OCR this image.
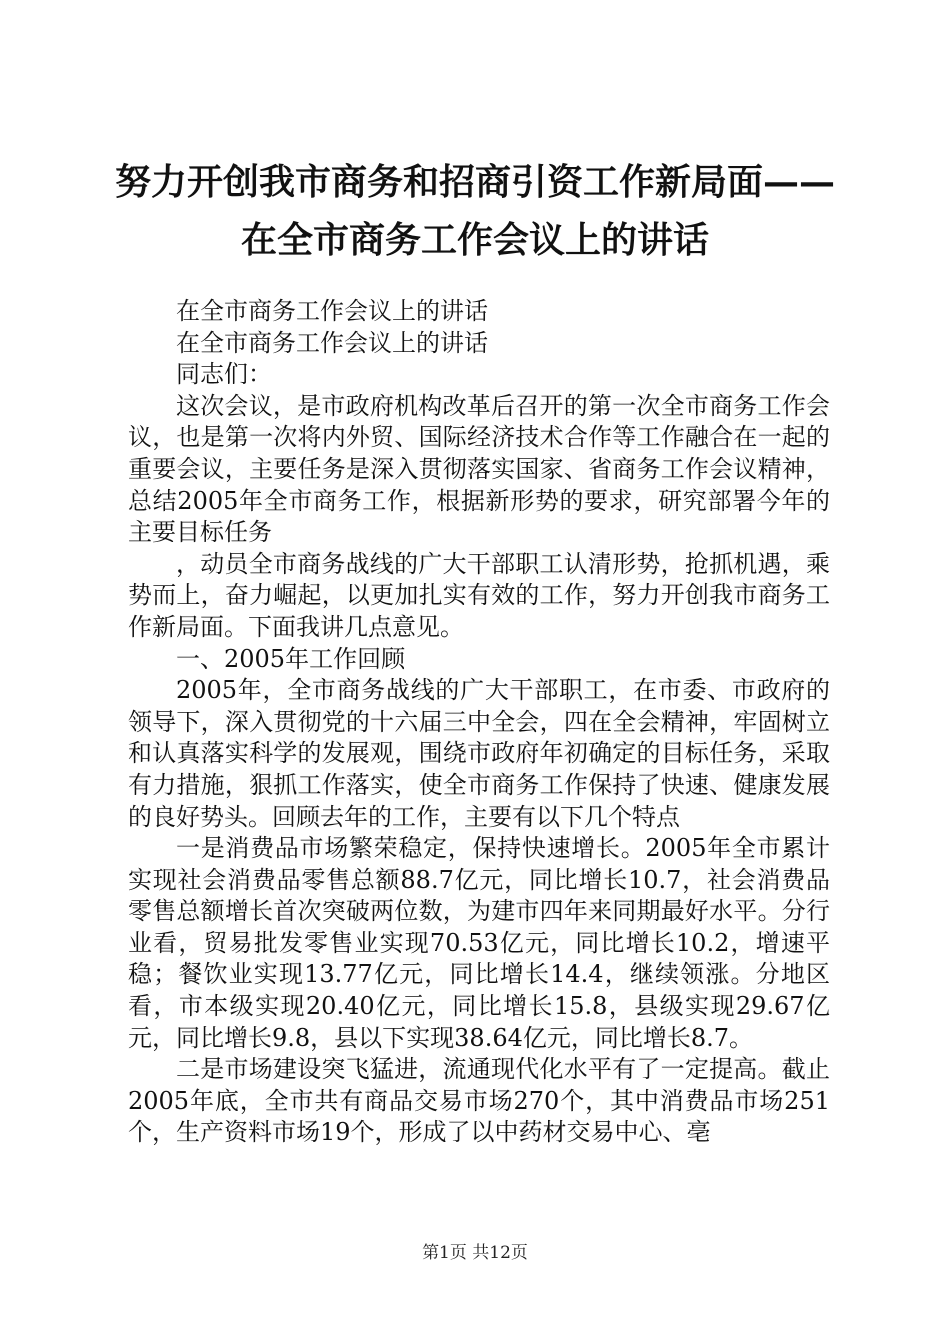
努力开创我市商务和招商引资工作新局面——
在全市商务工作会议上的讲话

在全市商务工作会议上的讲话

在全市商务工作会议上的讲话

同志们：

这次会议，是市政府机构改革后召开的第一次全市商务工作会议，也是第一次将内外贸、国际经济技术合作等工作融合在一起的重要会议，主要任务是深入贯彻落实国家、省商务工作会议精神，总结2005年全市商务工作，根据新形势的要求，研究部署今年的主要目标任务

，动员全市商务战线的广大干部职工认清形势，抢抓机遇，乘势而上，奋力崛起，以更加扎实有效的工作，努力开创我市商务工作新局面。下面我讲几点意见。

一、2005年工作回顾

2005年，全市商务战线的广大干部职工，在市委、市政府的领导下，深入贯彻党的十六届三中全会，四在全会精神，牢固树立和认真落实科学的发展观，围绕市政府年初确定的目标任务，采取有力措施，狠抓工作落实，使全市商务工作保持了快速、健康发展的良好势头。回顾去年的工作，主要有以下几个特点

一是消费品市场繁荣稳定，保持快速增长。2005年全市累计实现社会消费品零售总额88.7亿元，同比增长10.7，社会消费品零售总额增长首次突破两位数，为建市四年来同期最好水平。分行业看，贸易批发零售业实现70.53亿元，同比增长10.2，增速平稳；餐饮业实现13.77亿元，同比增长14.4，继续领涨。分地区看，市本级实现20.40亿元，同比增长15.8，县级实现29.67亿元，同比增长9.8，县以下实现38.64亿元，同比增长8.7。

二是市场建设突飞猛进，流通现代化水平有了一定提高。截止2005年底，全市共有商品交易市场270个，其中消费品市场251个，生产资料市场19个，形成了以中药材交易中心、亳

第1页 共12页
